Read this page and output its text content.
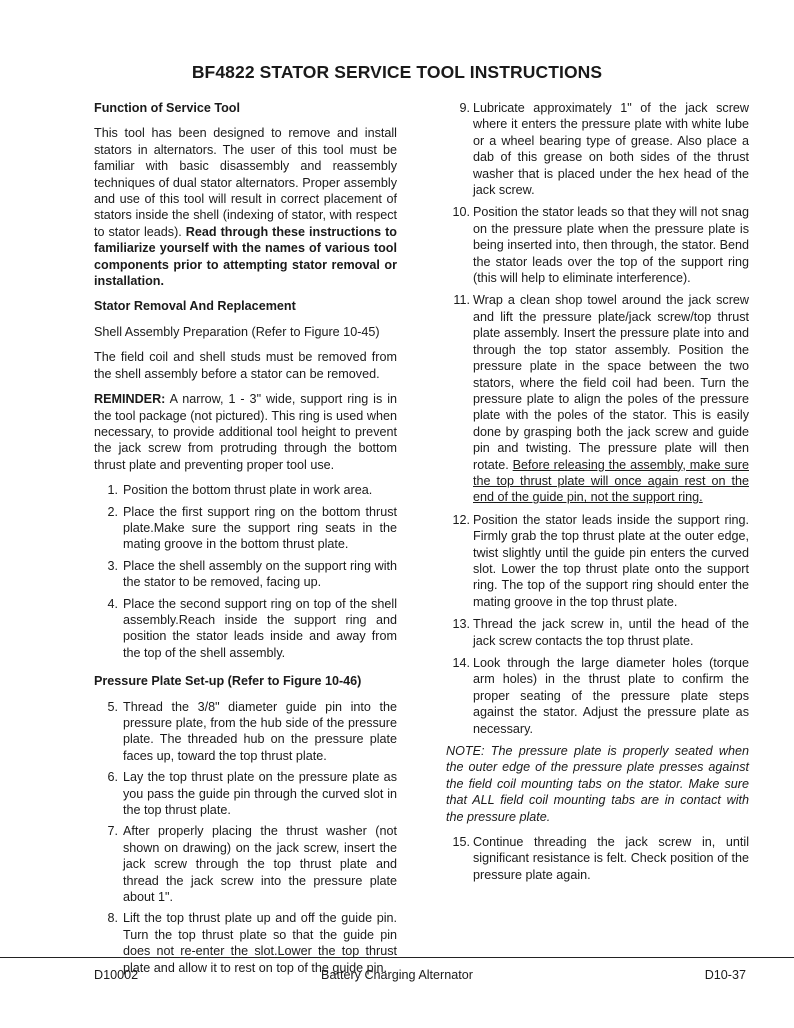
BF4822 STATOR SERVICE TOOL INSTRUCTIONS
Function of Service Tool

This tool has been designed to remove and install stators in alternators. The user of this tool must be familiar with basic disassembly and reassembly techniques of dual stator alternators. Proper assembly and use of this tool will result in correct placement of stators inside the shell (indexing of stator, with respect to stator leads). Read through these instructions to familiarize yourself with the names of various tool components prior to attempting stator removal or installation.

Stator Removal And Replacement

Shell Assembly Preparation (Refer to Figure 10-45)

The field coil and shell studs must be removed from the shell assembly before a stator can be removed.

REMINDER: A narrow, 1 - 3" wide, support ring is in the tool package (not pictured). This ring is used when necessary, to provide additional tool height to prevent the jack screw from protruding through the bottom thrust plate and preventing proper tool use.

1. Position the bottom thrust plate in work area.
2. Place the first support ring on the bottom thrust plate.Make sure the support ring seats in the mating groove in the bottom thrust plate.
3. Place the shell assembly on the support ring with the stator to be removed, facing up.
4. Place the second support ring on top of the shell assembly.Reach inside the support ring and position the stator leads inside and away from the top of the shell assembly.
Pressure Plate Set-up (Refer to Figure 10-46)
5. Thread the 3/8" diameter guide pin into the pressure plate, from the hub side of the pressure plate. The threaded hub on the pressure plate faces up, toward the top thrust plate.
6. Lay the top thrust plate on the pressure plate as you pass the guide pin through the curved slot in the top thrust plate.
7. After properly placing the thrust washer (not shown on drawing) on the jack screw, insert the jack screw through the top thrust plate and thread the jack screw into the pressure plate about 1".
8. Lift the top thrust plate up and off the guide pin. Turn the top thrust plate so that the guide pin does not re-enter the slot.Lower the top thrust plate and allow it to rest on top of the guide pin.
9. Lubricate approximately 1" of the jack screw where it enters the pressure plate with white lube or a wheel bearing type of grease. Also place a dab of this grease on both sides of the thrust washer that is placed under the hex head of the jack screw.
10. Position the stator leads so that they will not snag on the pressure plate when the pressure plate is being inserted into, then through, the stator. Bend the stator leads over the top of the support ring (this will help to eliminate interference).
11. Wrap a clean shop towel around the jack screw and lift the pressure plate/jack screw/top thrust plate assembly. Insert the pressure plate into and through the top stator assembly. Position the pressure plate in the space between the two stators, where the field coil had been. Turn the pressure plate to align the poles of the pressure plate with the poles of the stator. This is easily done by grasping both the jack screw and guide pin and twisting. The pressure plate will then rotate. Before releasing the assembly, make sure the top thrust plate will once again rest on the end of the guide pin, not the support ring.
12. Position the stator leads inside the support ring. Firmly grab the top thrust plate at the outer edge, twist slightly until the guide pin enters the curved slot. Lower the top thrust plate onto the support ring. The top of the support ring should enter the mating groove in the top thrust plate.
13. Thread the jack screw in, until the head of the jack screw contacts the top thrust plate.
14. Look through the large diameter holes (torque arm holes) in the thrust plate to confirm the proper seating of the pressure plate steps against the stator. Adjust the pressure plate as necessary.

NOTE: The pressure plate is properly seated when the outer edge of the pressure plate presses against the field coil mounting tabs on the stator. Make sure that ALL field coil mounting tabs are in contact with the pressure plate.

15. Continue threading the jack screw in, until significant resistance is felt. Check position of the pressure plate again.
D10002	Battery Charging Alternator	D10-37
